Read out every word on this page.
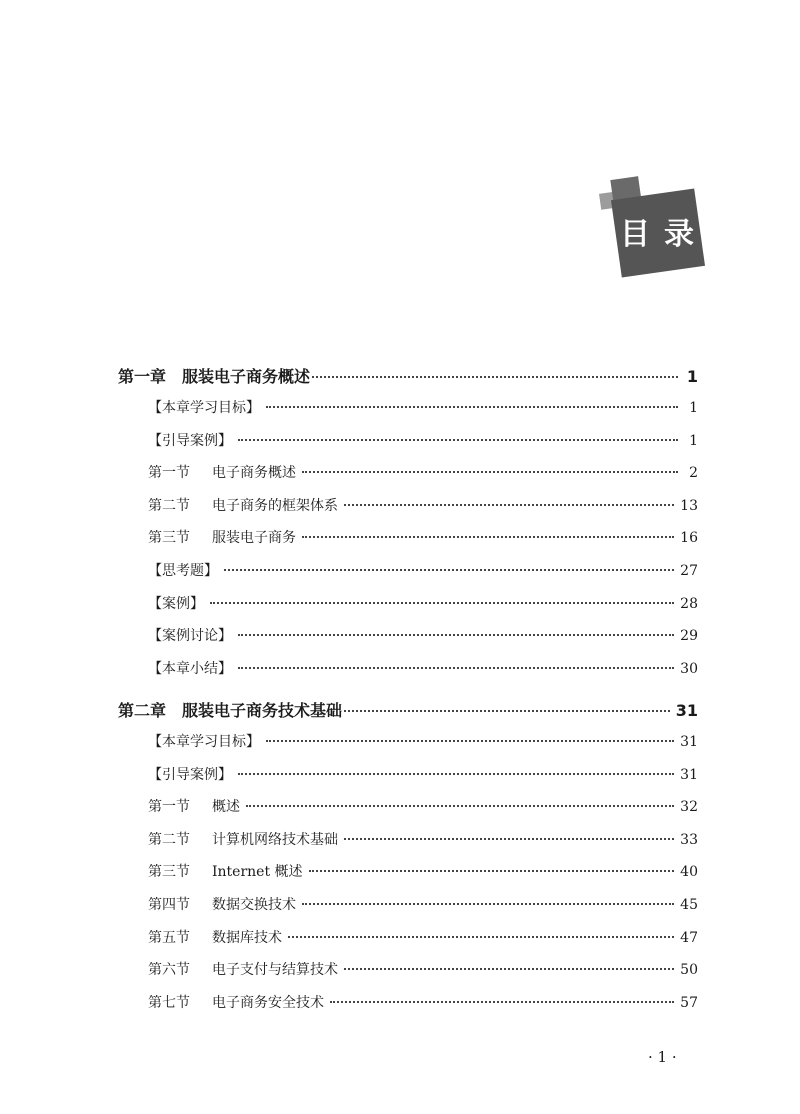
目录
第一章　服装电子商务概述	1
【本章学习目标】	1
【引导案例】	1
第一节 电子商务概述	2
第二节 电子商务的框架体系	13
第三节 服装电子商务	16
【思考题】	27
【案例】	28
【案例讨论】	29
【本章小结】	30
第二章　服装电子商务技术基础	31
【本章学习目标】	31
【引导案例】	31
第一节 概述	32
第二节 计算机网络技术基础	33
第三节 Internet 概述	40
第四节 数据交换技术	45
第五节 数据库技术	47
第六节 电子支付与结算技术	50
第七节 电子商务安全技术	57
· 1 ·
